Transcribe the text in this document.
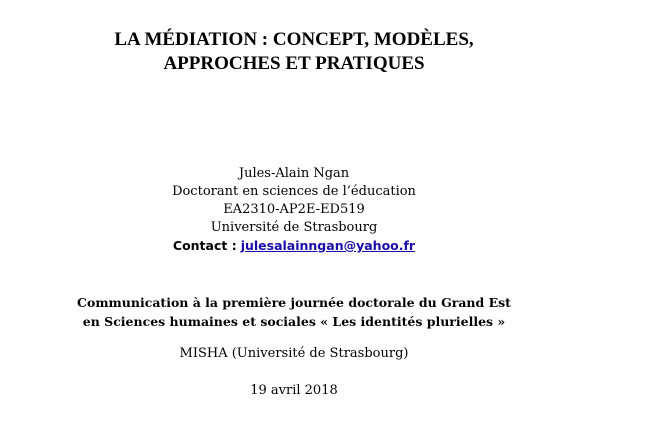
LA MÉDIATION : CONCEPT, MODÈLES,
APPROCHES ET PRATIQUES
Jules-Alain Ngan
Doctorant en sciences de l’éducation
EA2310-AP2E-ED519
Université de Strasbourg
Contact : julesalainngan@yahoo.fr
Communication à la première journée doctorale du Grand Est
en Sciences humaines et sociales « Les identités plurielles »
MISHA (Université de Strasbourg)
19 avril 2018
